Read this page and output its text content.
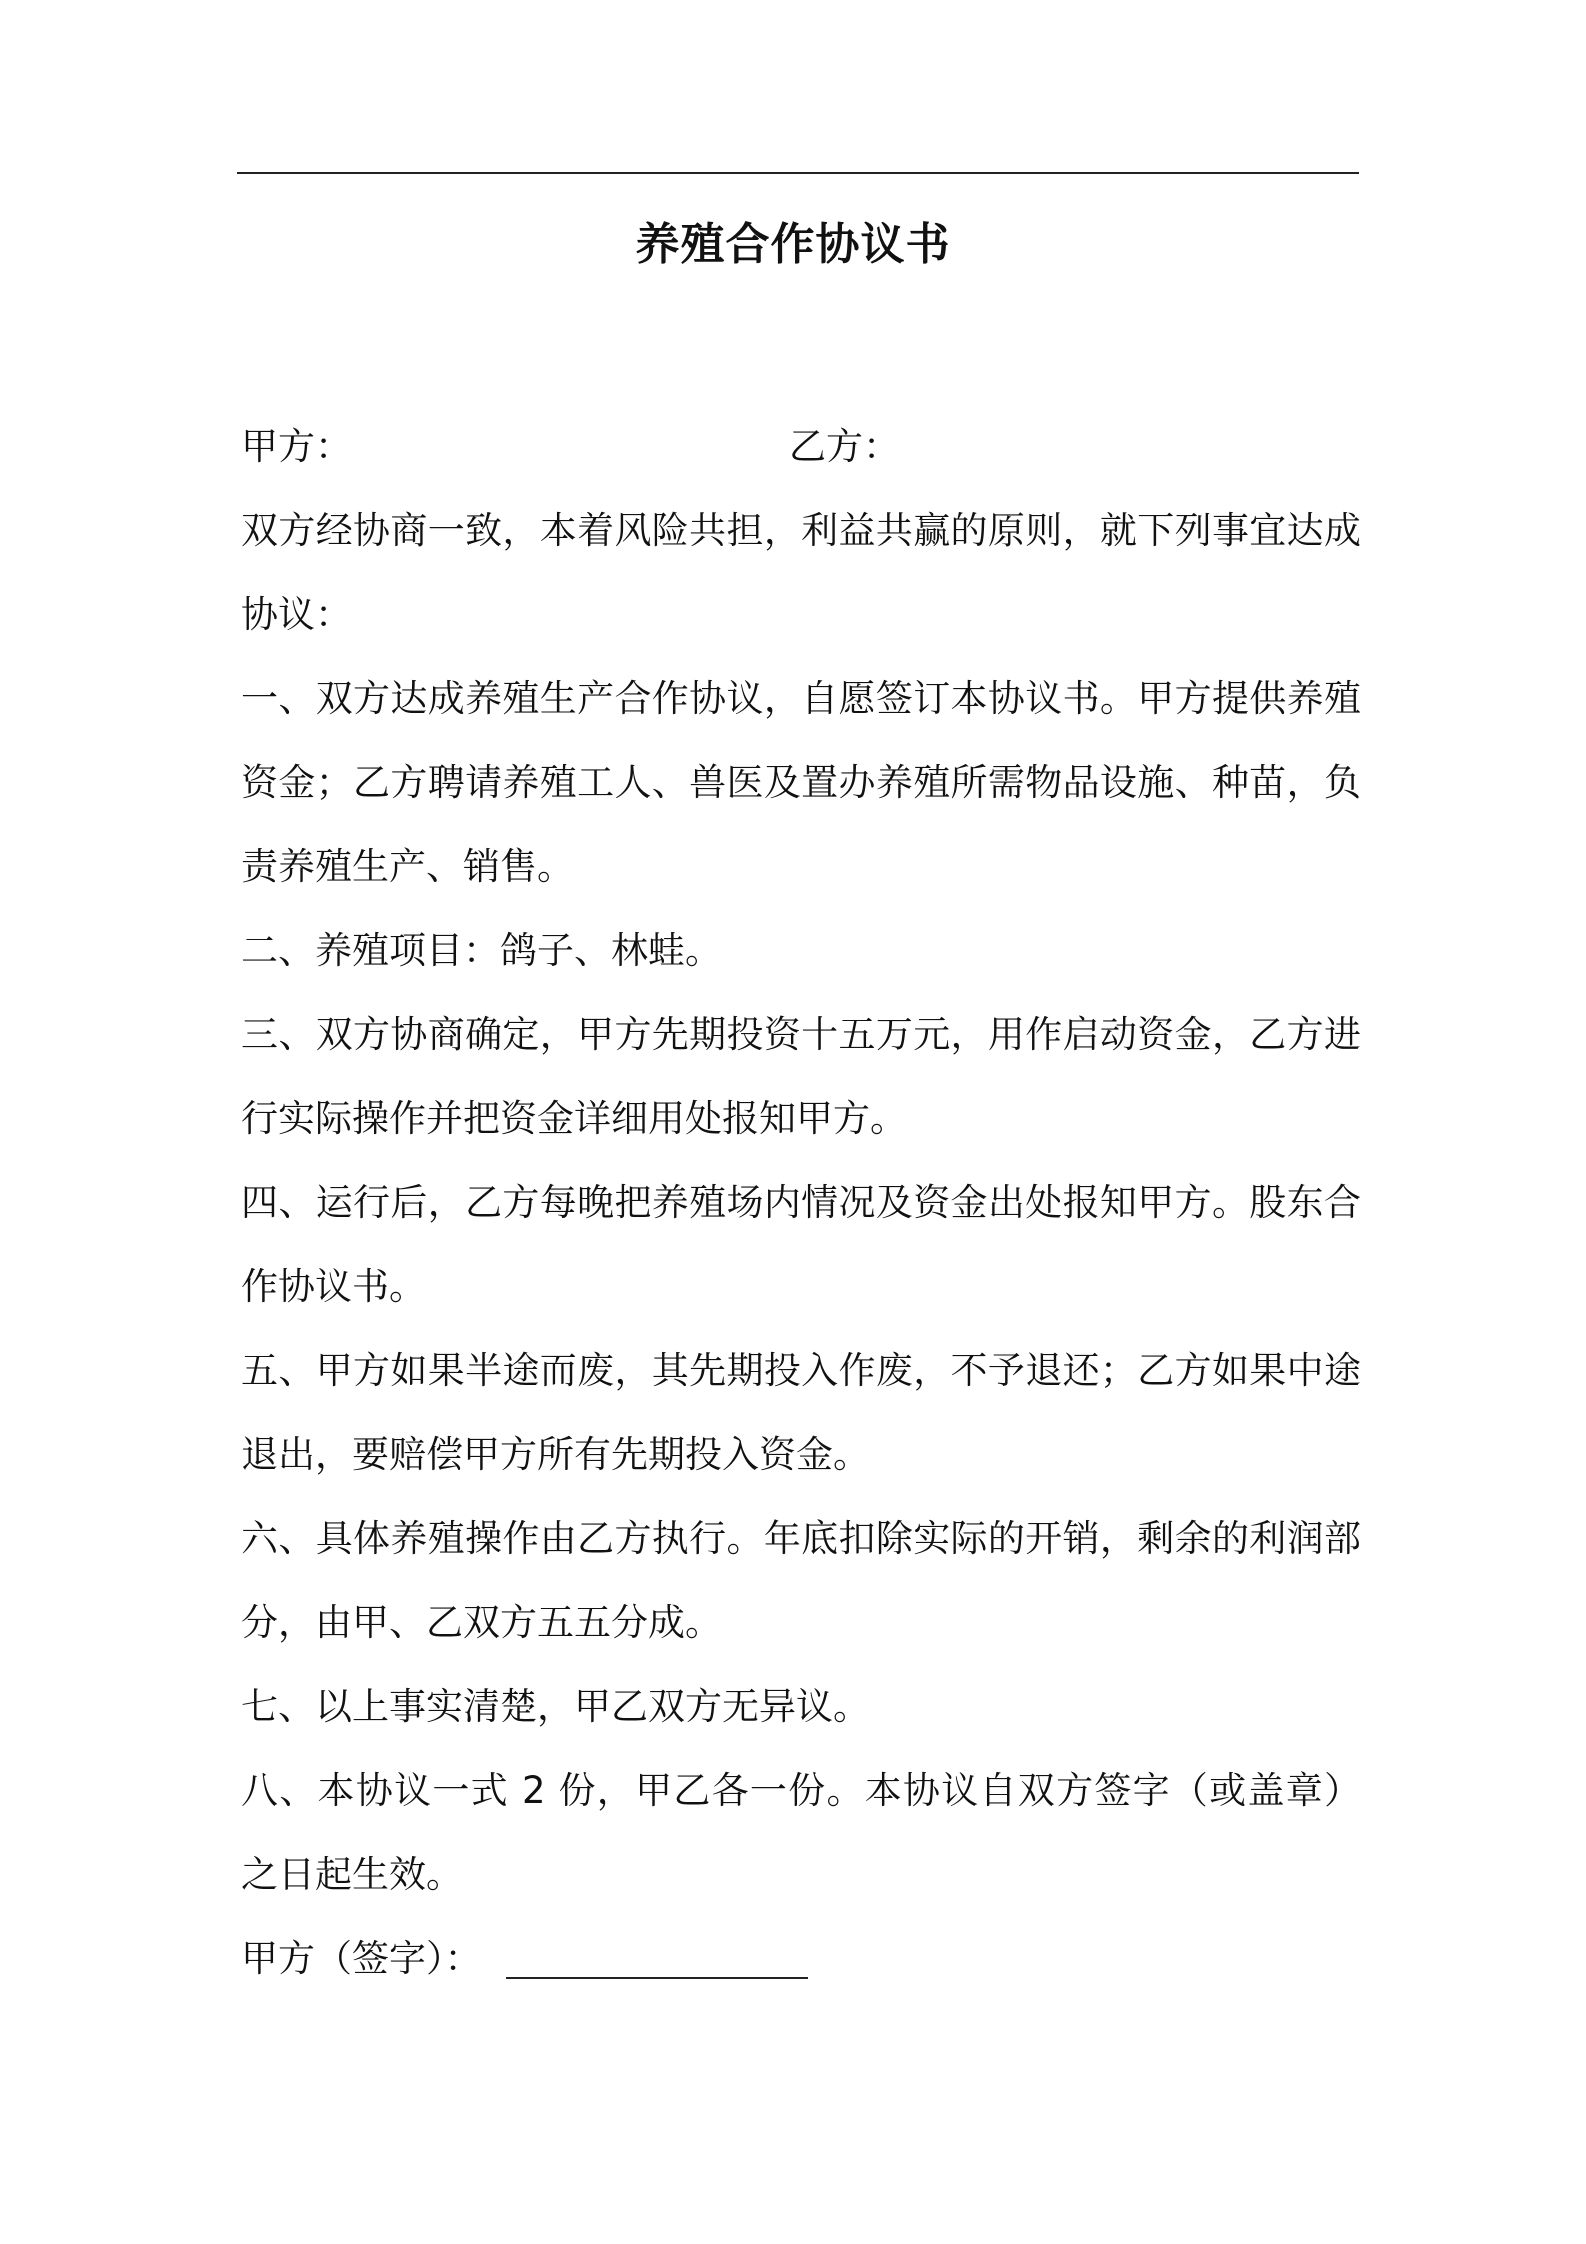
养殖合作协议书
甲方：	乙方：

双方经协商一致，本着风险共担，利益共赢的原则，就下列事宜达成协议：

一、双方达成养殖生产合作协议，自愿签订本协议书。甲方提供养殖资金；乙方聘请养殖工人、兽医及置办养殖所需物品设施、种苗，负责养殖生产、销售。

二、养殖项目：鸽子、林蛙。

三、双方协商确定，甲方先期投资十五万元，用作启动资金，乙方进行实际操作并把资金详细用处报知甲方。

四、运行后，乙方每晚把养殖场内情况及资金出处报知甲方。股东合作协议书。

五、甲方如果半途而废，其先期投入作废，不予退还；乙方如果中途退出，要赔偿甲方所有先期投入资金。

六、具体养殖操作由乙方执行。年底扣除实际的开销，剩余的利润部分，由甲、乙双方五五分成。

七、以上事实清楚，甲乙双方无异议。

八、本协议一式 2 份，甲乙各一份。本协议自双方签字（或盖章）之日起生效。

甲方（签字）：
